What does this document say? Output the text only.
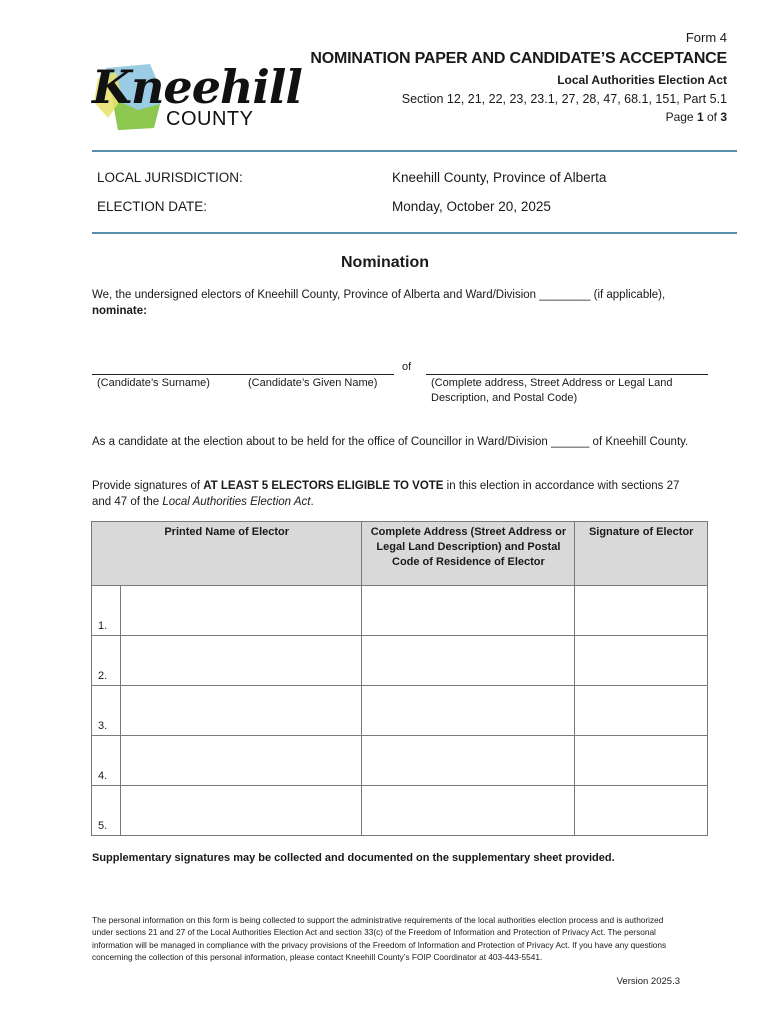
Kneehill
COUNTY
Form 4
NOMINATION PAPER AND CANDIDATE’S ACCEPTANCE
Local Authorities Election Act
Section 12, 21, 22, 23, 23.1, 27, 28, 47, 68.1, 151, Part 5.1
Page 1 of 3
LOCAL JURISDICTION:	Kneehill County, Province of Alberta
ELECTION DATE:	Monday, October 20, 2025
Nomination
We, the undersigned electors of Kneehill County, Province of Alberta and Ward/Division ________ (if applicable), nominate:
of
(Candidate’s Surname)	(Candidate’s Given Name)	(Complete address, Street Address or Legal Land Description, and Postal Code)
As a candidate at the election about to be held for the office of Councillor in Ward/Division ______ of Kneehill County.
Provide signatures of AT LEAST 5 ELECTORS ELIGIBLE TO VOTE in this election in accordance with sections 27 and 47 of the Local Authorities Election Act.
Printed Name of Elector		Complete Address (Street Address or Legal Land Description) and Postal Code of Residence of Elector	Signature of Elector
1.			
2.			
3.			
4.			
5.			
Supplementary signatures may be collected and documented on the supplementary sheet provided.
The personal information on this form is being collected to support the administrative requirements of the local authorities election process and is authorized under sections 21 and 27 of the Local Authorities Election Act and section 33(c) of the Freedom of Information and Protection of Privacy Act. The personal information will be managed in compliance with the privacy provisions of the Freedom of Information and Protection of Privacy Act. If you have any questions concerning the collection of this personal information, please contact Kneehill County’s FOIP Coordinator at 403-443-5541.
Version 2025.3
